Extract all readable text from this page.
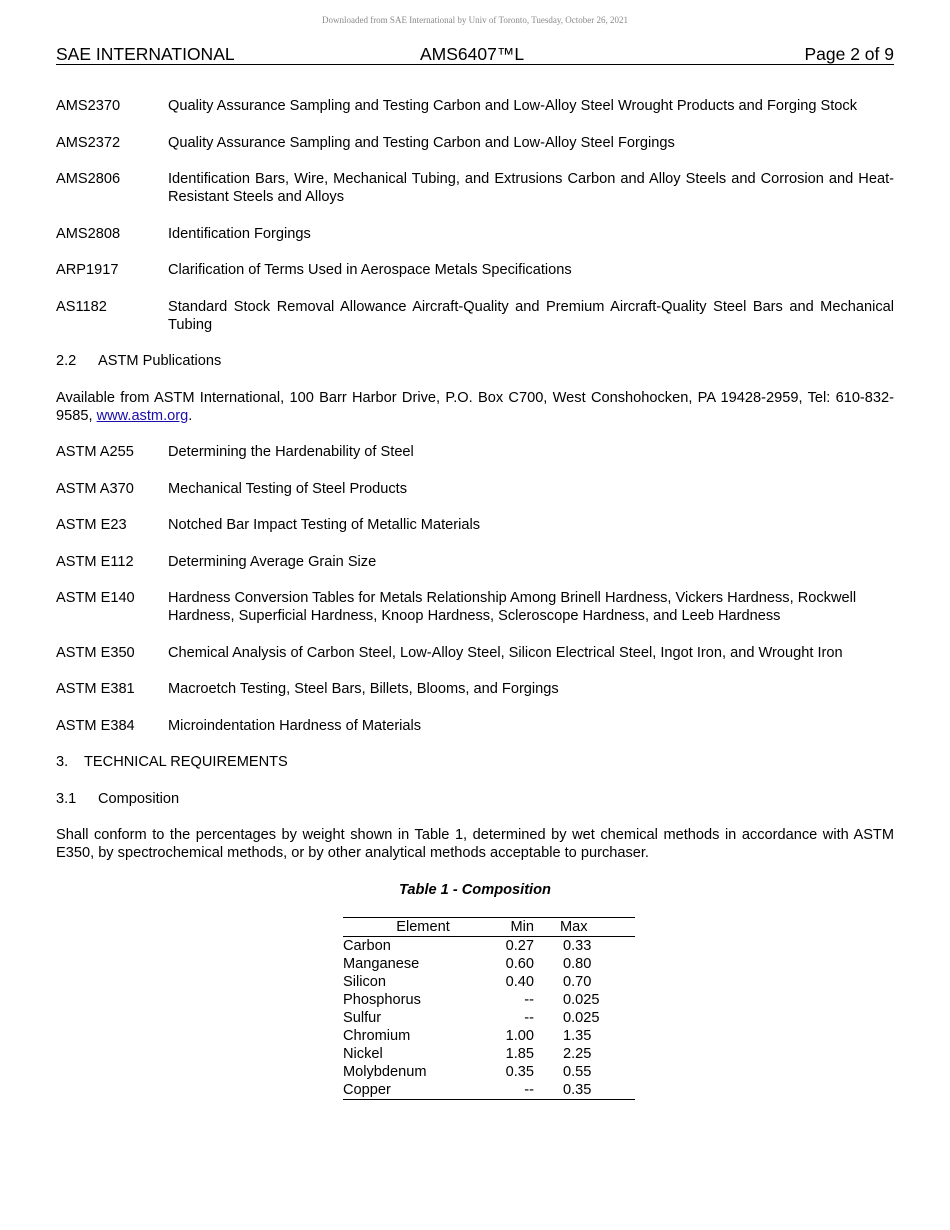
Downloaded from SAE International by Univ of Toronto, Tuesday, October 26, 2021
SAE INTERNATIONAL	AMS6407™L	Page 2 of 9
AMS2370	Quality Assurance Sampling and Testing Carbon and Low-Alloy Steel Wrought Products and Forging Stock
AMS2372	Quality Assurance Sampling and Testing Carbon and Low-Alloy Steel Forgings
AMS2806	Identification Bars, Wire, Mechanical Tubing, and Extrusions Carbon and Alloy Steels and Corrosion and Heat-Resistant Steels and Alloys
AMS2808	Identification Forgings
ARP1917	Clarification of Terms Used in Aerospace Metals Specifications
AS1182	Standard Stock Removal Allowance Aircraft-Quality and Premium Aircraft-Quality Steel Bars and Mechanical Tubing
2.2 ASTM Publications
Available from ASTM International, 100 Barr Harbor Drive, P.O. Box C700, West Conshohocken, PA 19428-2959, Tel: 610-832-9585, www.astm.org.
ASTM A255	Determining the Hardenability of Steel
ASTM A370	Mechanical Testing of Steel Products
ASTM E23	Notched Bar Impact Testing of Metallic Materials
ASTM E112	Determining Average Grain Size
ASTM E140	Hardness Conversion Tables for Metals Relationship Among Brinell Hardness, Vickers Hardness, Rockwell Hardness, Superficial Hardness, Knoop Hardness, Scleroscope Hardness, and Leeb Hardness
ASTM E350	Chemical Analysis of Carbon Steel, Low-Alloy Steel, Silicon Electrical Steel, Ingot Iron, and Wrought Iron
ASTM E381	Macroetch Testing, Steel Bars, Billets, Blooms, and Forgings
ASTM E384	Microindentation Hardness of Materials
3. TECHNICAL REQUIREMENTS
3.1 Composition
Shall conform to the percentages by weight shown in Table 1, determined by wet chemical methods in accordance with ASTM E350, by spectrochemical methods, or by other analytical methods acceptable to purchaser.
Table 1 - Composition
Element	Min	Max
Carbon	0.27	0.33
Manganese	0.60	0.80
Silicon	0.40	0.70
Phosphorus	--	0.025
Sulfur	--	0.025
Chromium	1.00	1.35
Nickel	1.85	2.25
Molybdenum	0.35	0.55
Copper	--	0.35
